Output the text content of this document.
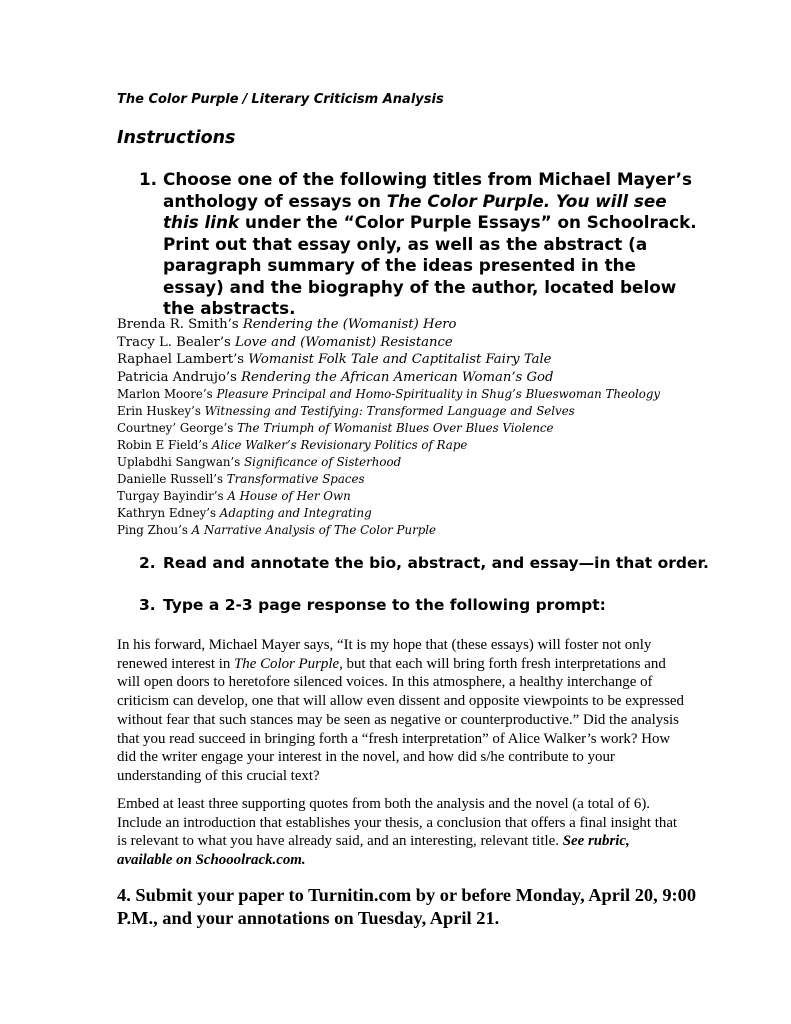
The Color Purple / Literary Criticism Analysis
Instructions
1. Choose one of the following titles from Michael Mayer’s anthology of essays on The Color Purple. You will see this link under the “Color Purple Essays” on Schoolrack. Print out that essay only, as well as the abstract (a paragraph summary of the ideas presented in the essay) and the biography of the author, located below the abstracts.
Brenda R. Smith’s Rendering the (Womanist) Hero
Tracy L. Bealer’s Love and (Womanist) Resistance
Raphael Lambert’s Womanist Folk Tale and Captitalist Fairy Tale
Patricia Andrujo’s Rendering the African American Woman’s God
Marlon Moore’s Pleasure Principal and Homo-Spirituality in Shug’s Blueswoman Theology
Erin Huskey’s Witnessing and Testifying: Transformed Language and Selves
Courtney’ George’s The Triumph of Womanist Blues Over Blues Violence
Robin E Field’s Alice Walker’s Revisionary Politics of Rape
Uplabdhi Sangwan’s Significance of Sisterhood
Danielle Russell’s Transformative Spaces
Turgay Bayindir’s A House of Her Own
Kathryn Edney’s Adapting and Integrating
Ping Zhou’s A Narrative Analysis of The Color Purple
2. Read and annotate the bio, abstract, and essay—in that order.
3. Type a 2-3 page response to the following prompt:
In his forward, Michael Mayer says, “It is my hope that (these essays) will foster not only renewed interest in The Color Purple, but that each will bring forth fresh interpretations and will open doors to heretofore silenced voices. In this atmosphere, a healthy interchange of criticism can develop, one that will allow even dissent and opposite viewpoints to be expressed without fear that such stances may be seen as negative or counterproductive.” Did the analysis that you read succeed in bringing forth a “fresh interpretation” of Alice Walker’s work? How did the writer engage your interest in the novel, and how did s/he contribute to your understanding of this crucial text?
Embed at least three supporting quotes from both the analysis and the novel (a total of 6). Include an introduction that establishes your thesis, a conclusion that offers a final insight that is relevant to what you have already said, and an interesting, relevant title. See rubric, available on Schooolrack.com.
4. Submit your paper to Turnitin.com by or before Monday, April 20, 9:00 P.M., and your annotations on Tuesday, April 21.
